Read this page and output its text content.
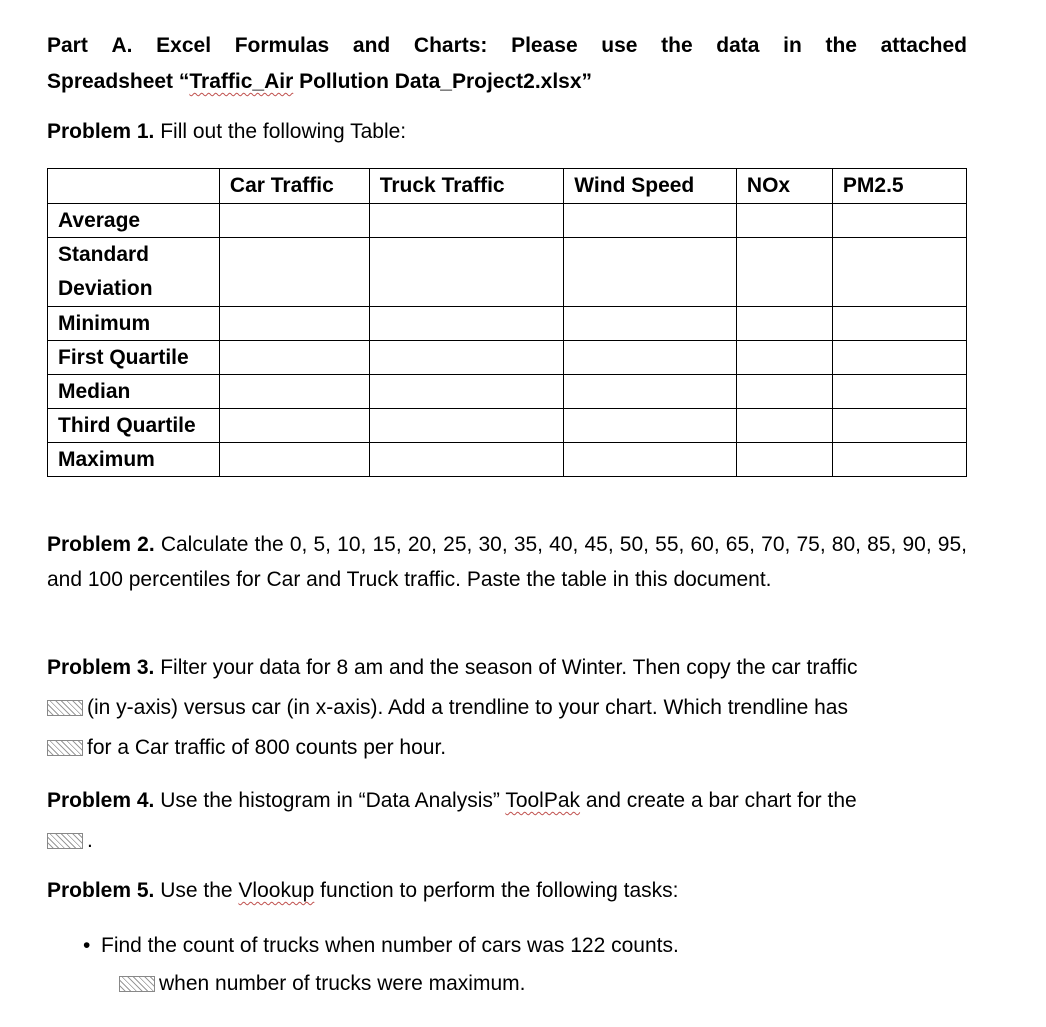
Part A. Excel Formulas and Charts: Please use the data in the attached
Spreadsheet “Traffic_Air Pollution Data_Project2.xlsx”
Problem 1. Fill out the following Table:
	Car Traffic	Truck Traffic	Wind Speed	NOx	PM2.5
Average					
Standard Deviation					
Minimum					
First Quartile					
Median					
Third Quartile					
Maximum					
Problem 2. Calculate the 0, 5, 10, 15, 20, 25, 30, 35, 40, 45, 50, 55, 60, 65, 70, 75, 80, 85, 90, 95, and 100 percentiles for Car and Truck traffic. Paste the table in this document.
Problem 3. Filter your data for 8 am and the season of Winter. Then copy the car traffic
(in y-axis) versus car (in x-axis). Add a trendline to your chart. Which trendline has
for a Car traffic of 800 counts per hour.
Problem 4. Use the histogram in “Data Analysis” ToolPak and create a bar chart for the
.
Problem 5. Use the Vlookup function to perform the following tasks:
• Find the count of trucks when number of cars was 122 counts.
when number of trucks were maximum.
